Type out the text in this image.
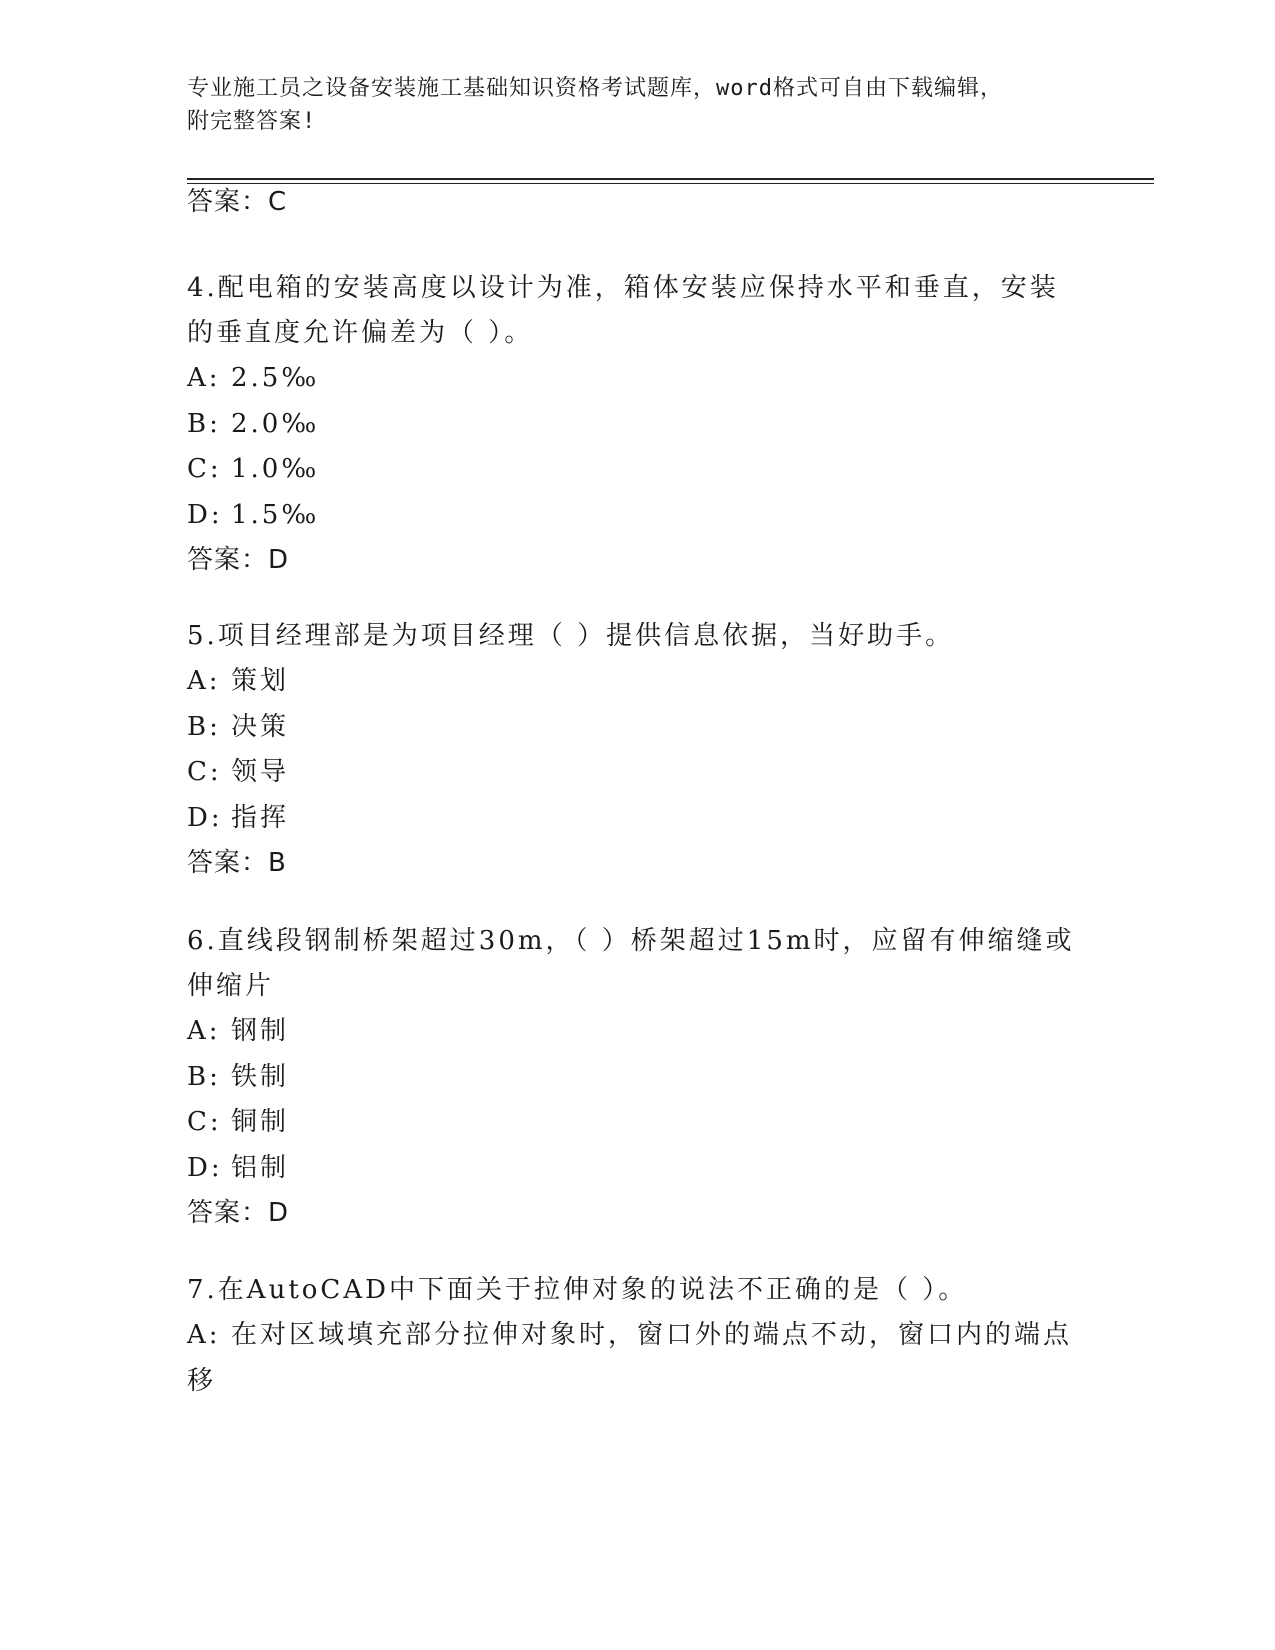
专业施工员之设备安装施工基础知识资格考试题库，word格式可自由下载编辑，
附完整答案!
答案：C
4.配电箱的安装高度以设计为准，箱体安装应保持水平和垂直，安装
的垂直度允许偏差为（ ）。
A: 2.5‰
B: 2.0‰
C: 1.0‰
D: 1.5‰
答案：D
5.项目经理部是为项目经理（ ）提供信息依据，当好助手。
A: 策划
B: 决策
C: 领导
D: 指挥
答案：B
6.直线段钢制桥架超过30m，（ ）桥架超过15m时，应留有伸缩缝或
伸缩片
A: 钢制
B: 铁制
C: 铜制
D: 铝制
答案：D
7.在AutoCAD中下面关于拉伸对象的说法不正确的是（ ）。
A: 在对区域填充部分拉伸对象时，窗口外的端点不动，窗口内的端点
移
